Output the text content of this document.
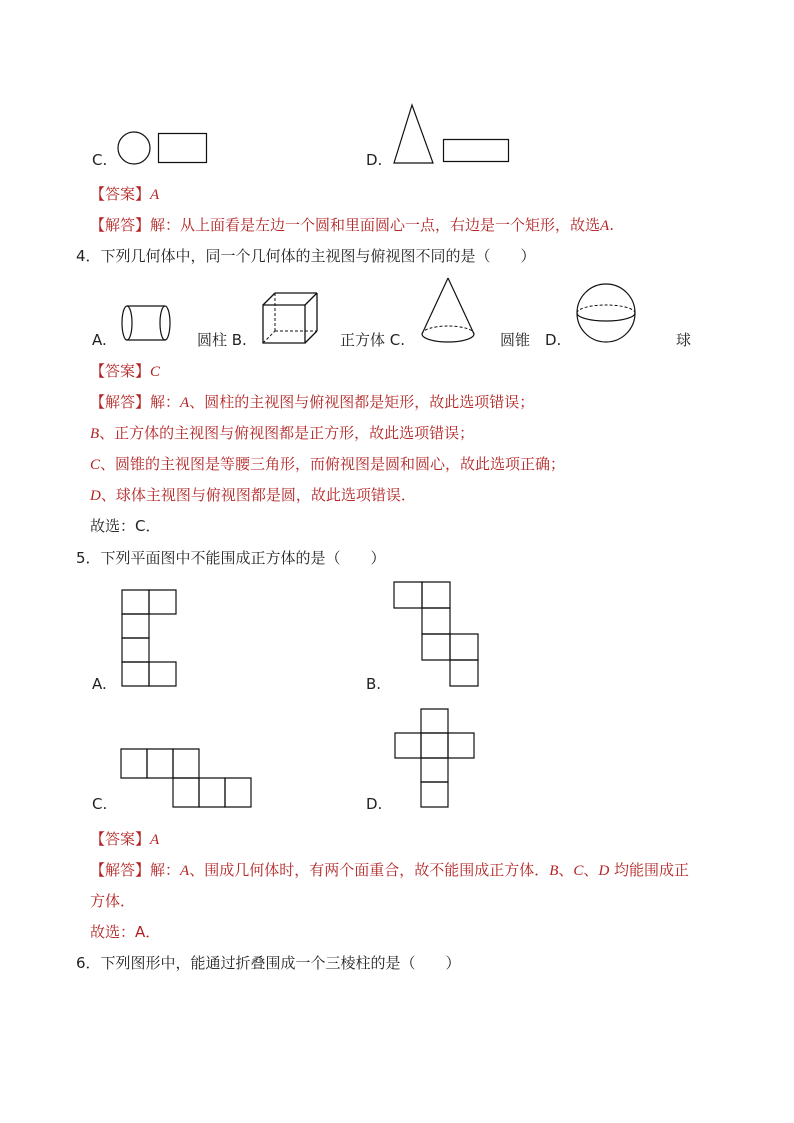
C.	D.
【答案】A
【解答】解：从上面看是左边一个圆和里面圆心一点，右边是一个矩形，故选A.
4．下列几何体中，同一个几何体的主视图与俯视图不同的是（　　）
A.	圆柱 B.	正方体 C.	圆锥　D.	球
【答案】C
【解答】解：A、圆柱的主视图与俯视图都是矩形，故此选项错误；
B、正方体的主视图与俯视图都是正方形，故此选项错误；
C、圆锥的主视图是等腰三角形，而俯视图是圆和圆心，故此选项正确；
D、球体主视图与俯视图都是圆，故此选项错误．
故选：C．
5．下列平面图中不能围成正方体的是（　　）
A.	B.
C.	D.
【答案】A
【解答】解：A、围成几何体时，有两个面重合，故不能围成正方体．B、C、D 均能围成正
方体．
故选：A．
6．下列图形中，能通过折叠围成一个三棱柱的是（　　）
